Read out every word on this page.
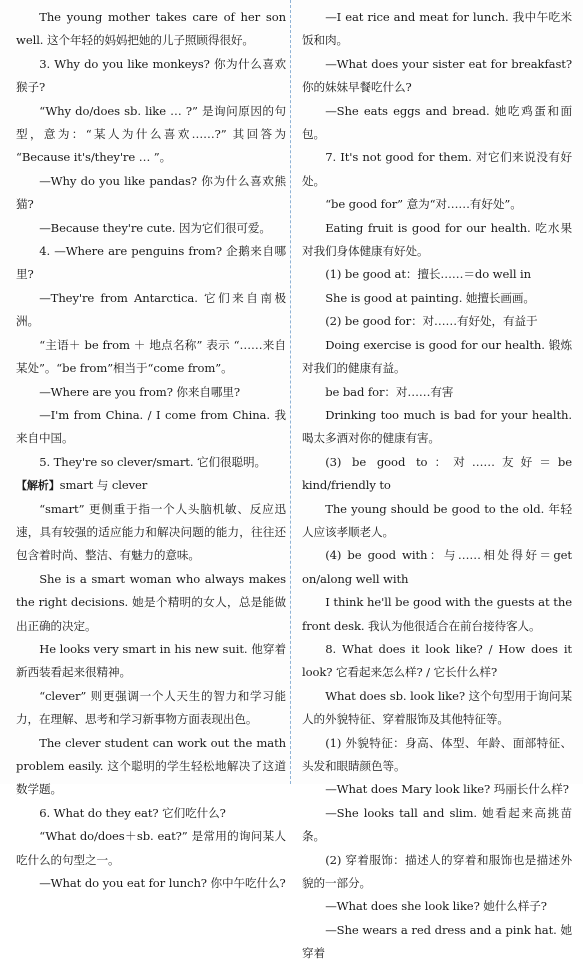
The young mother takes care of her son well. 这个年轻的妈妈把她的儿子照顾得很好。

3. Why do you like monkeys? 你为什么喜欢猴子?

“Why do/does sb. like … ?” 是询问原因的句型，意为：“某人为什么喜欢……?” 其回答为 “Because it's/they're … ”。

—Why do you like pandas? 你为什么喜欢熊猫?

—Because they're cute. 因为它们很可爱。

4. —Where are penguins from? 企鹅来自哪里?

—They're from Antarctica. 它们来自南极洲。

“主语＋ be from ＋ 地点名称” 表示 “……来自某处”。“be from”相当于“come from”。

—Where are you from? 你来自哪里?

—I'm from China. / I come from China. 我来自中国。

5. They're so clever/smart. 它们很聪明。

【解析】smart 与 clever

“smart” 更侧重于指一个人头脑机敏、反应迅速，具有较强的适应能力和解决问题的能力，往往还包含着时尚、整洁、有魅力的意味。

She is a smart woman who always makes the right decisions. 她是个精明的女人，总是能做出正确的决定。

He looks very smart in his new suit. 他穿着新西装看起来很精神。

“clever” 则更强调一个人天生的智力和学习能力，在理解、思考和学习新事物方面表现出色。

The clever student can work out the math problem easily. 这个聪明的学生轻松地解决了这道数学题。

6. What do they eat? 它们吃什么?

“What do/does＋sb. eat?” 是常用的询问某人吃什么的句型之一。

—What do you eat for lunch? 你中午吃什么?

—I eat rice and meat for lunch. 我中午吃米饭和肉。

—What does your sister eat for breakfast? 你的妹妹早餐吃什么?

—She eats eggs and bread. 她吃鸡蛋和面包。

7. It's not good for them. 对它们来说没有好处。

“be good for” 意为“对……有好处”。

Eating fruit is good for our health. 吃水果对我们身体健康有好处。

(1) be good at：擅长……＝do well in

She is good at painting. 她擅长画画。

(2) be good for：对……有好处，有益于

Doing exercise is good for our health. 锻炼对我们的健康有益。

be bad for：对……有害

Drinking too much is bad for your health. 喝太多酒对你的健康有害。

(3) be good to：对……友好＝be kind/friendly to

The young should be good to the old. 年轻人应该孝顺老人。

(4) be good with：与……相处得好＝get on/along well with

I think he'll be good with the guests at the front desk. 我认为他很适合在前台接待客人。

8. What does it look like? / How does it look? 它看起来怎么样? / 它长什么样?

What does sb. look like? 这个句型用于询问某人的外貌特征、穿着服饰及其他特征等。

(1) 外貌特征：身高、体型、年龄、面部特征、头发和眼睛颜色等。

—What does Mary look like? 玛丽长什么样?

—She looks tall and slim. 她看起来高挑苗条。

(2) 穿着服饰：描述人的穿着和服饰也是描述外貌的一部分。

—What does she look like? 她什么样子?

—She wears a red dress and a pink hat. 她穿着
